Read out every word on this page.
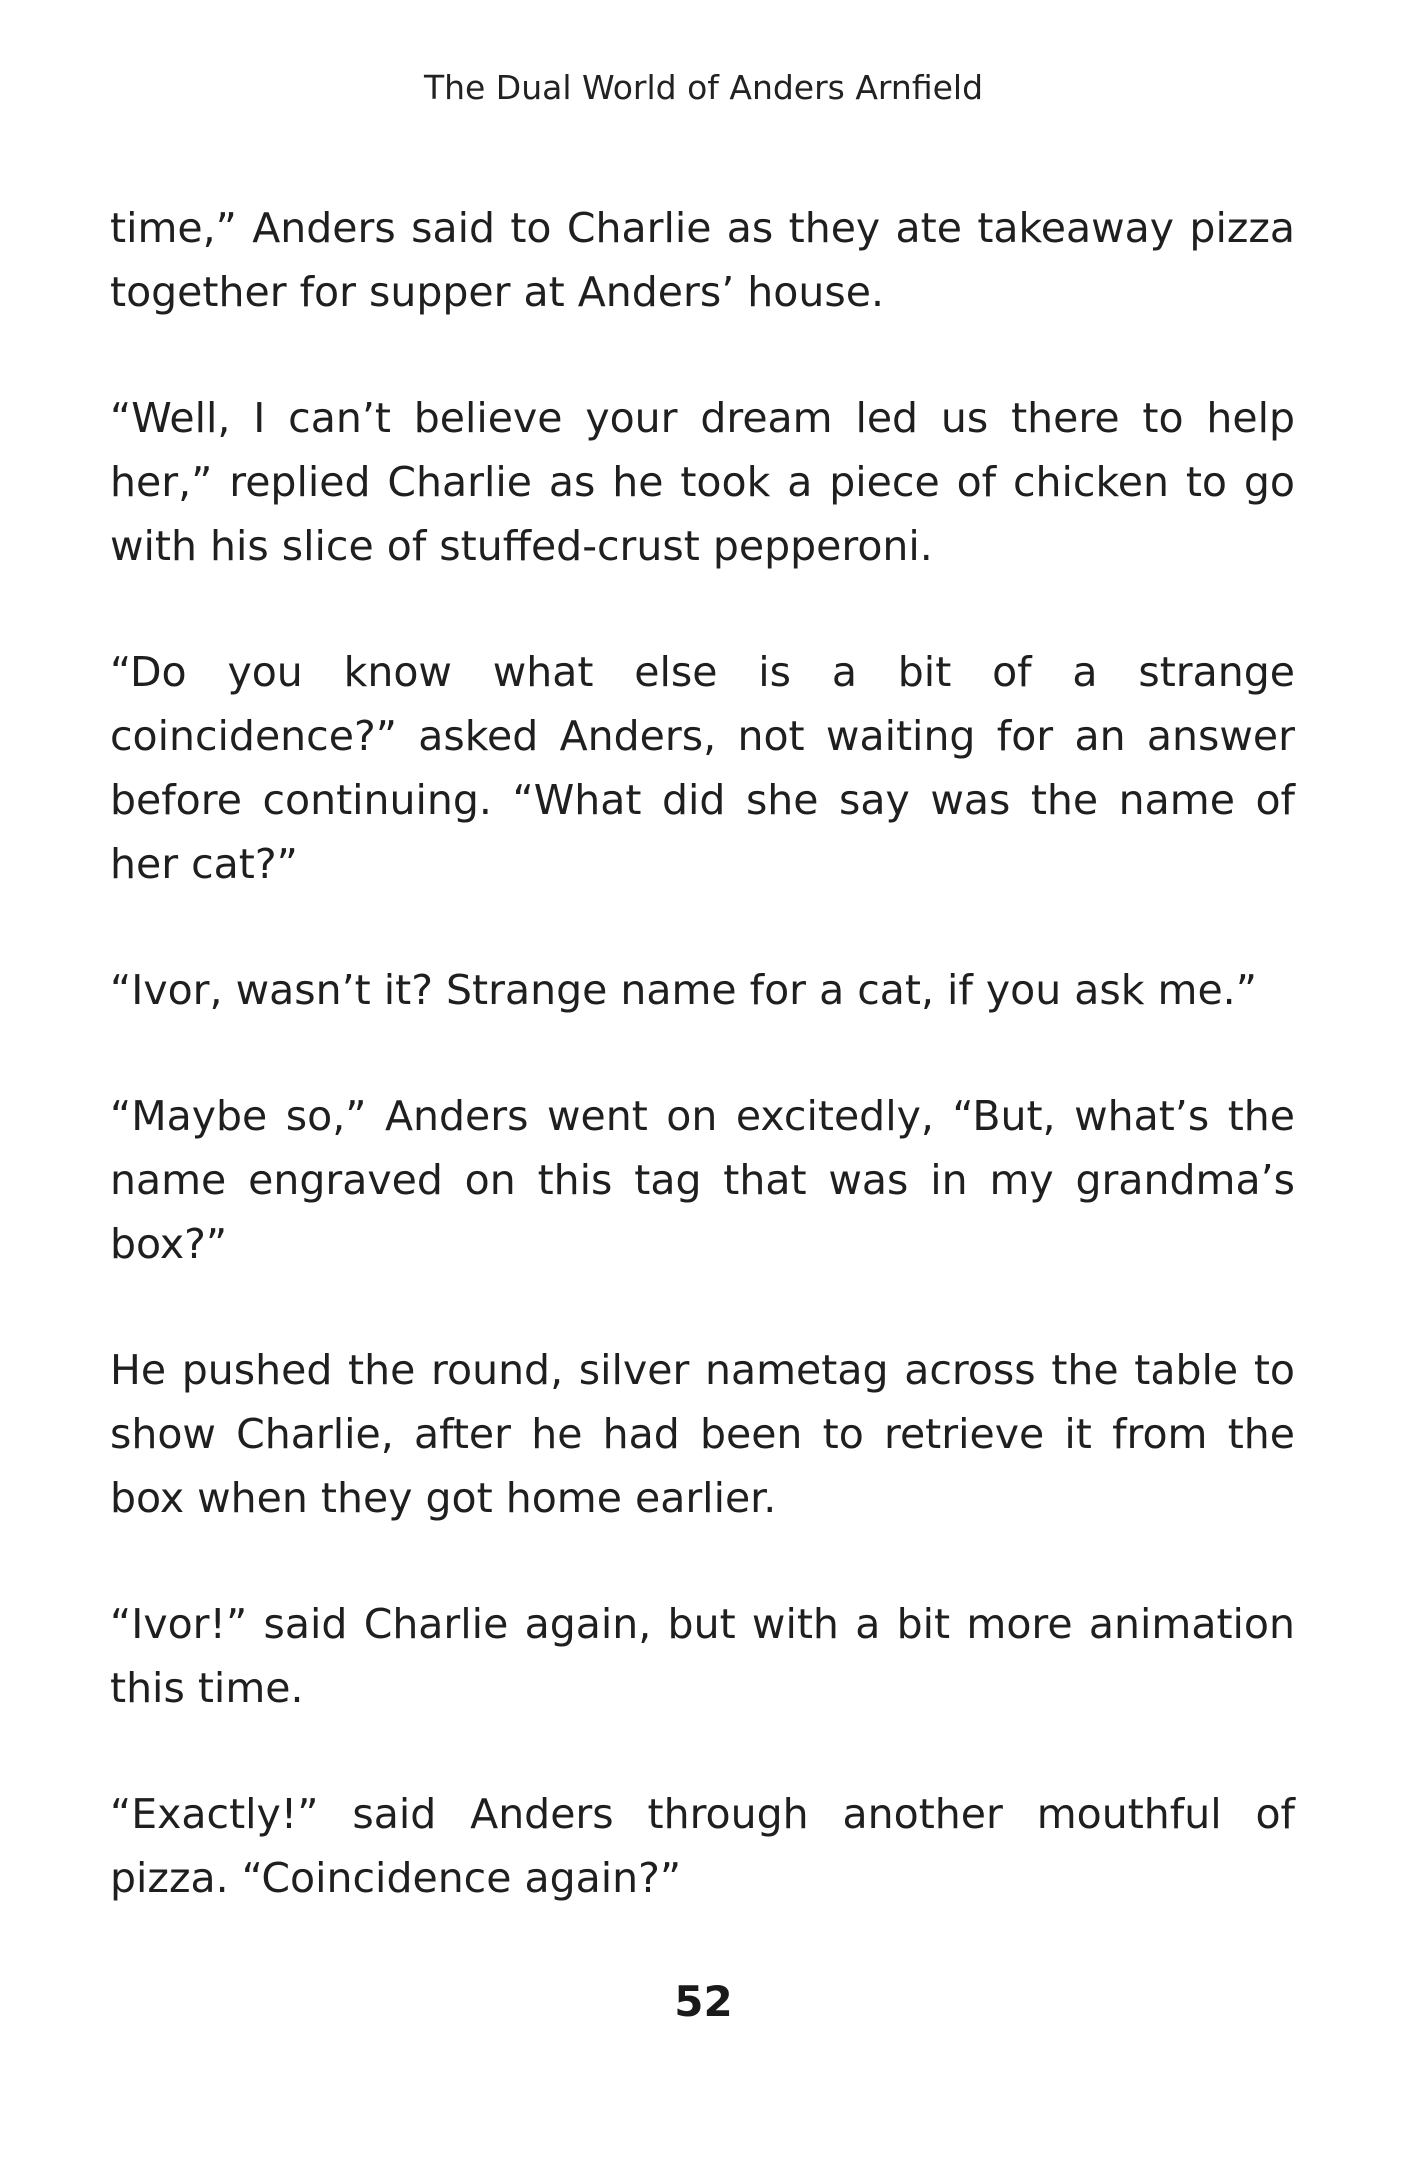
The Dual World of Anders Arnfield

time,” Anders said to Charlie as they ate takeaway pizza together for supper at Anders’ house.

“Well, I can’t believe your dream led us there to help her,” replied Charlie as he took a piece of chicken to go with his slice of stuffed-crust pepperoni.

“Do you know what else is a bit of a strange coincidence?” asked Anders, not waiting for an answer before continuing. “What did she say was the name of her cat?”

“Ivor, wasn’t it? Strange name for a cat, if you ask me.”

“Maybe so,” Anders went on excitedly, “But, what’s the name engraved on this tag that was in my grandma’s box?”

He pushed the round, silver nametag across the table to show Charlie, after he had been to retrieve it from the box when they got home earlier.

“Ivor!” said Charlie again, but with a bit more animation this time.

“Exactly!” said Anders through another mouthful of pizza. “Coincidence again?”

52
